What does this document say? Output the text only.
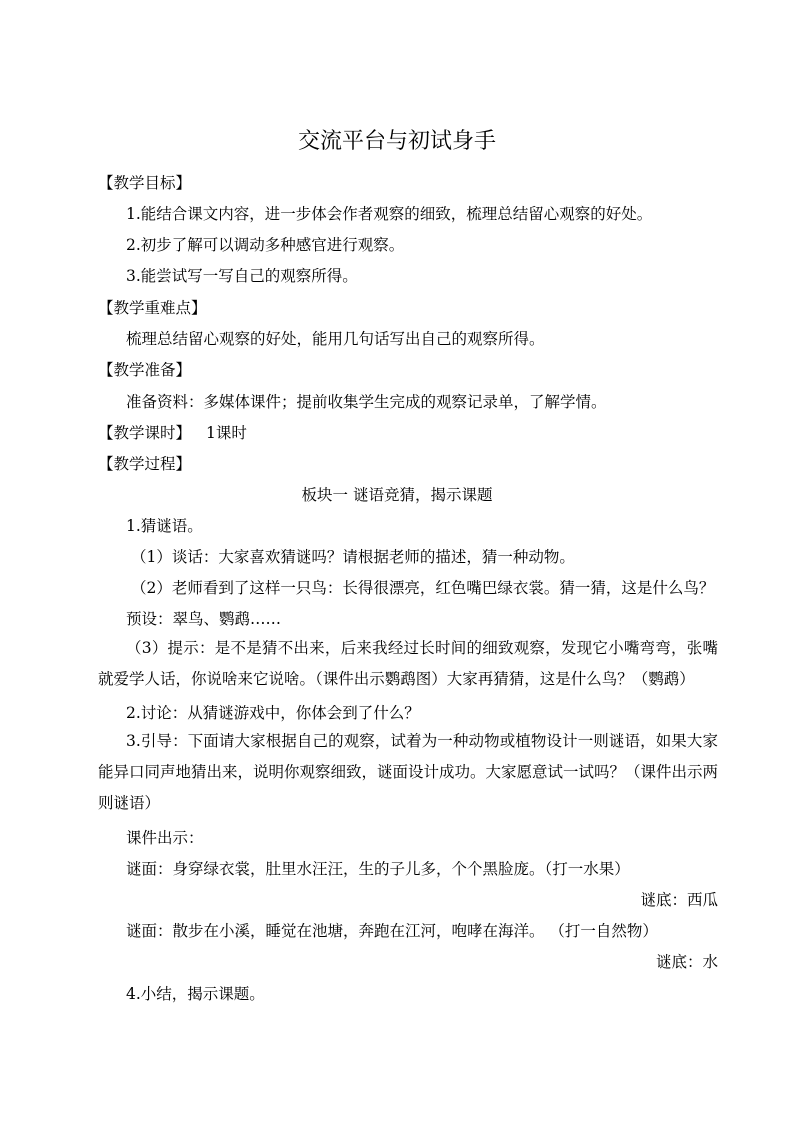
交流平台与初试身手
【教学目标】
1.能结合课文内容，进一步体会作者观察的细致，梳理总结留心观察的好处。
2.初步了解可以调动多种感官进行观察。
3.能尝试写一写自己的观察所得。
【教学重难点】
梳理总结留心观察的好处，能用几句话写出自己的观察所得。
【教学准备】
准备资料：多媒体课件；提前收集学生完成的观察记录单，了解学情。
【教学课时】 1课时
【教学过程】
板块一 谜语竞猜，揭示课题
1.猜谜语。
（1）谈话：大家喜欢猜谜吗？请根据老师的描述，猜一种动物。
（2）老师看到了这样一只鸟：长得很漂亮，红色嘴巴绿衣裳。猜一猜，这是什么鸟？
预设：翠鸟、鹦鹉……
（3）提示：是不是猜不出来，后来我经过长时间的细致观察，发现它小嘴弯弯，张嘴就爱学人话，你说啥来它说啥。（课件出示鹦鹉图）大家再猜猜，这是什么鸟？（鹦鹉）
2.讨论：从猜谜游戏中，你体会到了什么？
3.引导：下面请大家根据自己的观察，试着为一种动物或植物设计一则谜语，如果大家能异口同声地猜出来，说明你观察细致，谜面设计成功。大家愿意试一试吗？（课件出示两则谜语）
课件出示：
谜面：身穿绿衣裳，肚里水汪汪，生的子儿多，个个黑脸庞。（打一水果）
谜底：西瓜
谜面：散步在小溪，睡觉在池塘，奔跑在江河，咆哮在海洋。 （打一自然物）
谜底：水
4.小结，揭示课题。
